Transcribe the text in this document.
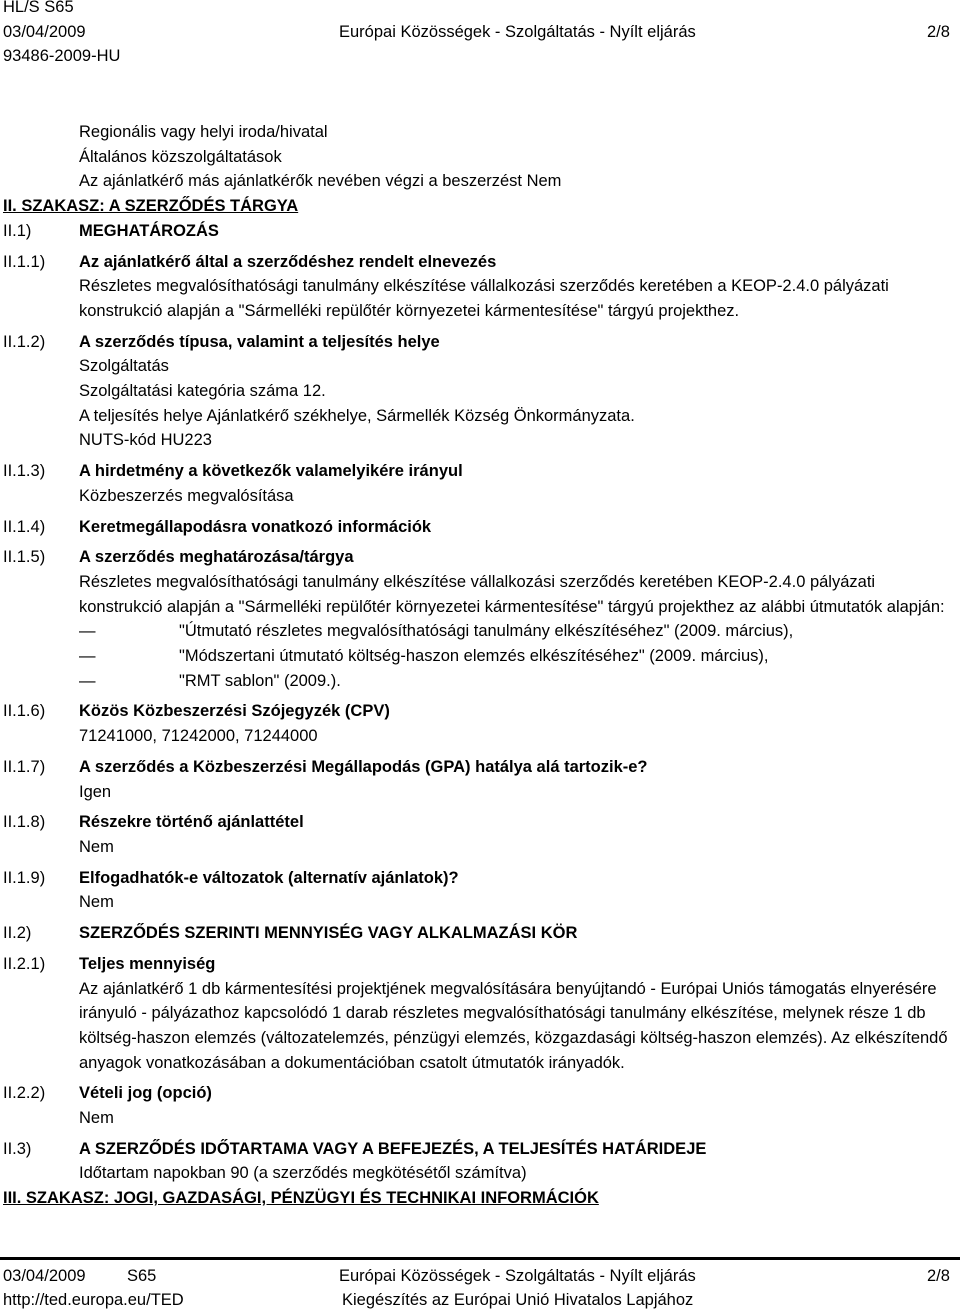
HL/S S65
03/04/2009	Európai Közösségek - Szolgáltatás - Nyílt eljárás	2/8
93486-2009-HU
Regionális vagy helyi iroda/hivatal
Általános közszolgáltatások
Az ajánlatkérő más ajánlatkérők nevében végzi a beszerzést Nem
II. SZAKASZ: A SZERZŐDÉS TÁRGYA
II.1)	MEGHATÁROZÁS
II.1.1) Az ajánlatkérő által a szerződéshez rendelt elnevezés
Részletes megvalósíthatósági tanulmány elkészítése vállalkozási szerződés keretében a KEOP-2.4.0 pályázati konstrukció alapján a "Sármelléki repülőtér környezetei kármentesítése" tárgyú projekthez.
II.1.2) A szerződés típusa, valamint a teljesítés helye
Szolgáltatás
Szolgáltatási kategória száma 12.
A teljesítés helye Ajánlatkérő székhelye, Sármellék Község Önkormányzata.
NUTS-kód HU223
II.1.3) A hirdetmény a következők valamelyikére irányul
Közbeszerzés megvalósítása
II.1.4) Keretmegállapodásra vonatkozó információk
II.1.5) A szerződés meghatározása/tárgya
Részletes megvalósíthatósági tanulmány elkészítése vállalkozási szerződés keretében KEOP-2.4.0 pályázati konstrukció alapján a "Sármelléki repülőtér környezetei kármentesítése" tárgyú projekthez az alábbi útmutatók alapján:
—	"Útmutató részletes megvalósíthatósági tanulmány elkészítéséhez" (2009. március),
—	"Módszertani útmutató költség-haszon elemzés elkészítéséhez" (2009. március),
—	"RMT sablon" (2009.).
II.1.6) Közös Közbeszerzési Szójegyzék (CPV)
71241000, 71242000, 71244000
II.1.7) A szerződés a Közbeszerzési Megállapodás (GPA) hatálya alá tartozik-e?
Igen
II.1.8) Részekre történő ajánlattétel
Nem
II.1.9) Elfogadhatók-e változatok (alternatív ajánlatok)?
Nem
II.2)	SZERZŐDÉS SZERINTI MENNYISÉG VAGY ALKALMAZÁSI KÖR
II.2.1) Teljes mennyiség
Az ajánlatkérő 1 db kármentesítési projektjének megvalósítására benyújtandó - Európai Uniós támogatás elnyerésére irányuló - pályázathoz kapcsolódó 1 darab részletes megvalósíthatósági tanulmány elkészítése, melynek része 1 db költség-haszon elemzés (változatelemzés, pénzügyi elemzés, közgazdasági költség-haszon elemzés). Az elkészítendő anyagok vonatkozásában a dokumentációban csatolt útmutatók irányadók.
II.2.2) Vételi jog (opció)
Nem
II.3)	A SZERZŐDÉS IDŐTARTAMA VAGY A BEFEJEZÉS, A TELJESÍTÉS HATÁRIDEJE
Időtartam napokban 90 (a szerződés megkötésétől számítva)
III. SZAKASZ: JOGI, GAZDASÁGI, PÉNZÜGYI ÉS TECHNIKAI INFORMÁCIÓK
03/04/2009	S65	Európai Közösségek - Szolgáltatás - Nyílt eljárás	2/8
http://ted.europa.eu/TED	Kiegészítés az Európai Unió Hivatalos Lapjához
